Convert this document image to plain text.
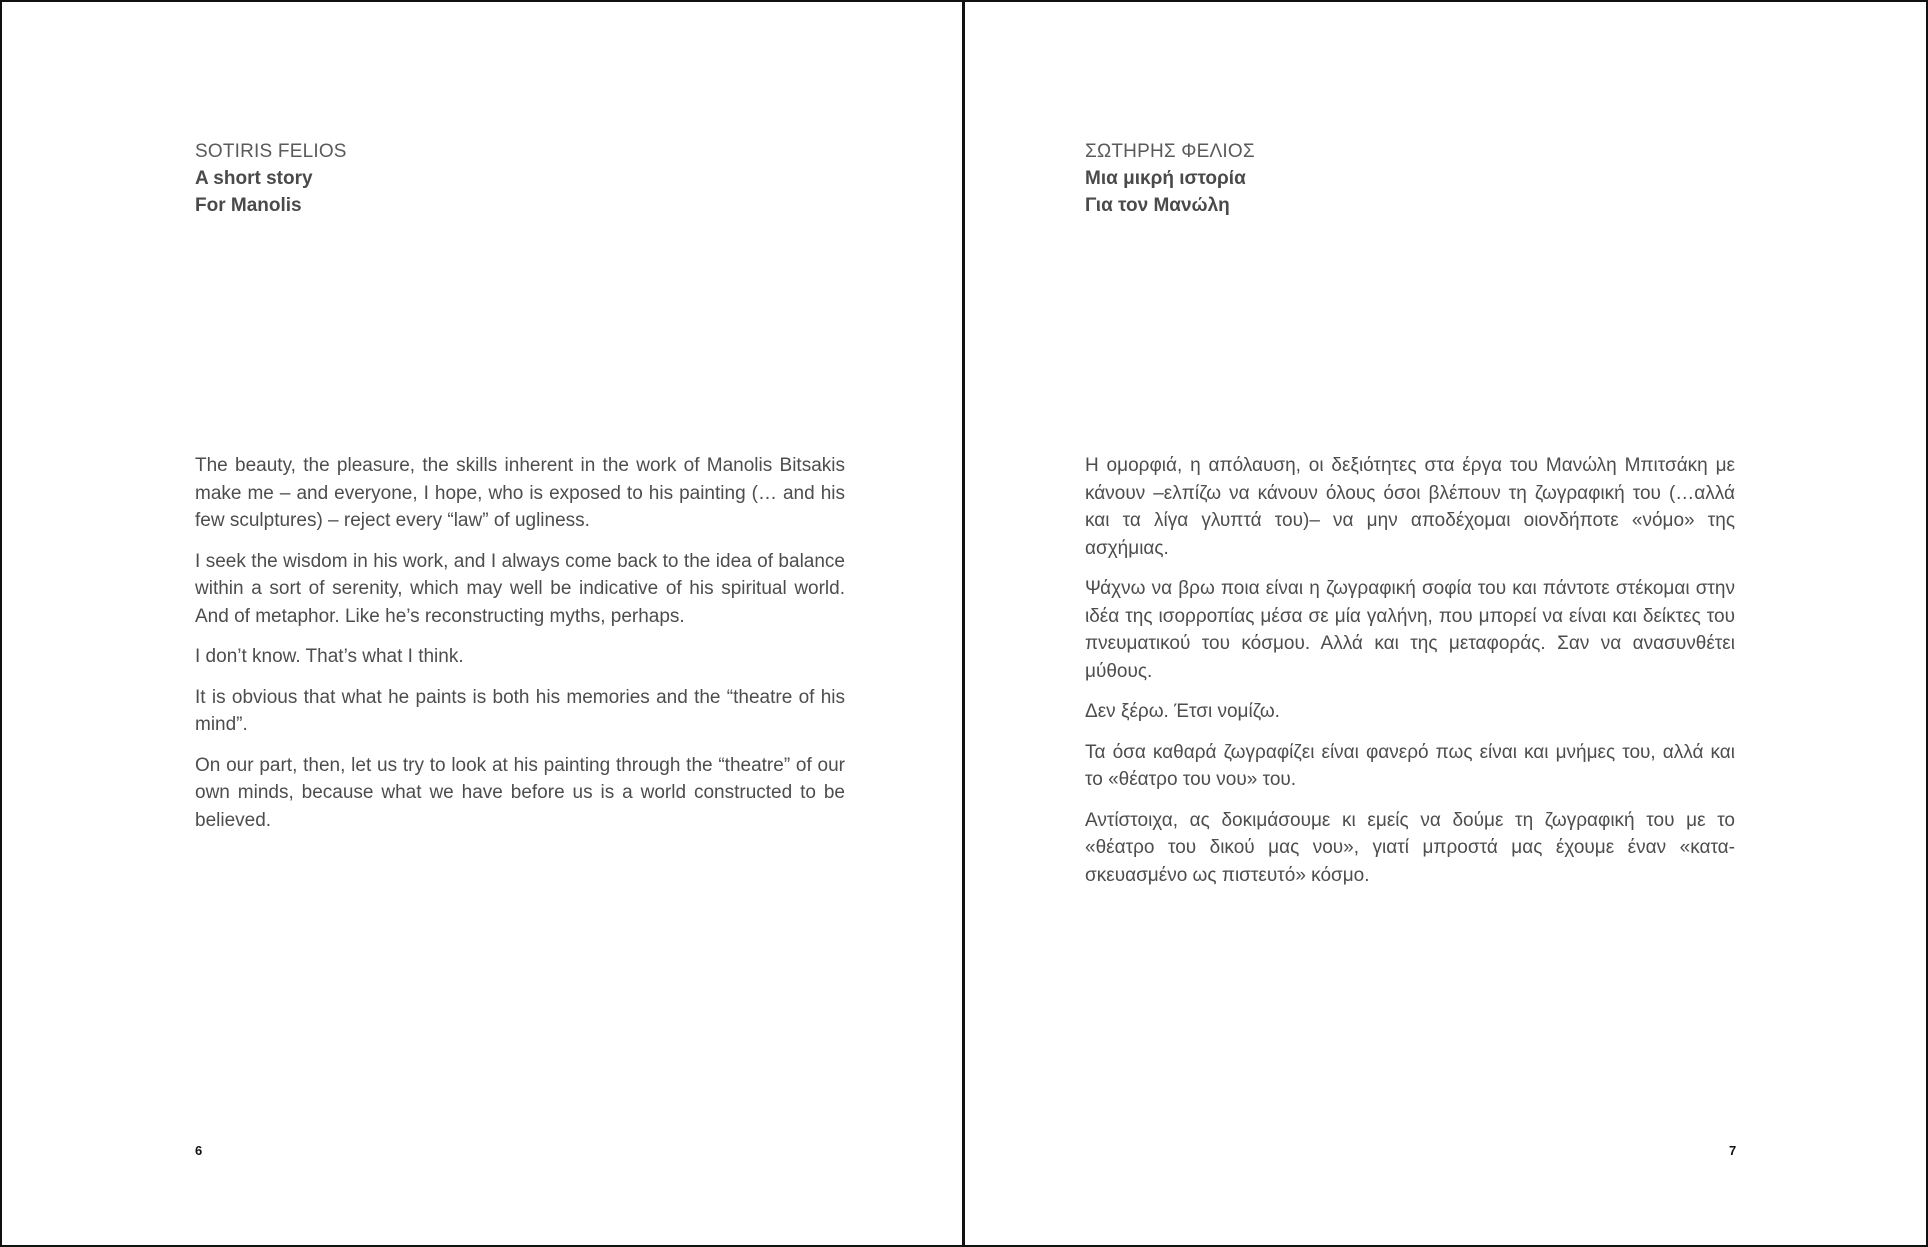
SOTIRIS FELIOS
A short story
For Manolis

The beauty, the pleasure, the skills inherent in the work of Manolis Bitsakis make me – and everyone, I hope, who is exposed to his painting (… and his few sculptures) – reject every “law” of ugliness.

I seek the wisdom in his work, and I always come back to the idea of balance within a sort of serenity, which may well be indicative of his spiritual world. And of metaphor. Like he’s reconstructing myths, perhaps.

I don’t know. That’s what I think.

It is obvious that what he paints is both his memories and the “theatre of his mind”.

On our part, then, let us try to look at his painting through the “theatre” of our own minds, because what we have before us is a world constructed to be believed.

6
ΣΩΤΗΡΗΣ ΦΕΛΙΟΣ
Μια μικρή ιστορία
Για τον Μανώλη

Η ομορφιά, η απόλαυση, οι δεξιότητες στα έργα του Μανώλη Μπιτσάκη με κάνουν –ελπίζω να κάνουν όλους όσοι βλέπουν τη ζωγραφική του (…αλλά και τα λίγα γλυπτά του)– να μην αποδέχομαι οιονδήποτε «νόμο» της ασχήμιας.

Ψάχνω να βρω ποια είναι η ζωγραφική σοφία του και πάντοτε στέκομαι στην ιδέα της ισορροπίας μέσα σε μία γαλήνη, που μπορεί να είναι και δείκτες του πνευματικού του κόσμου. Αλλά και της μεταφοράς. Σαν να ανασυνθέτει μύθους.

Δεν ξέρω. Έτσι νομίζω.

Τα όσα καθαρά ζωγραφίζει είναι φανερό πως είναι και μνήμες του, αλλά και το «θέατρο του νου» του.

Αντίστοιχα, ας δοκιμάσουμε κι εμείς να δούμε τη ζωγραφική του με το «θέατρο του δικού μας νου», γιατί μπροστά μας έχουμε έναν «κατα-σκευασμένο ως πιστευτό» κόσμο.

7
